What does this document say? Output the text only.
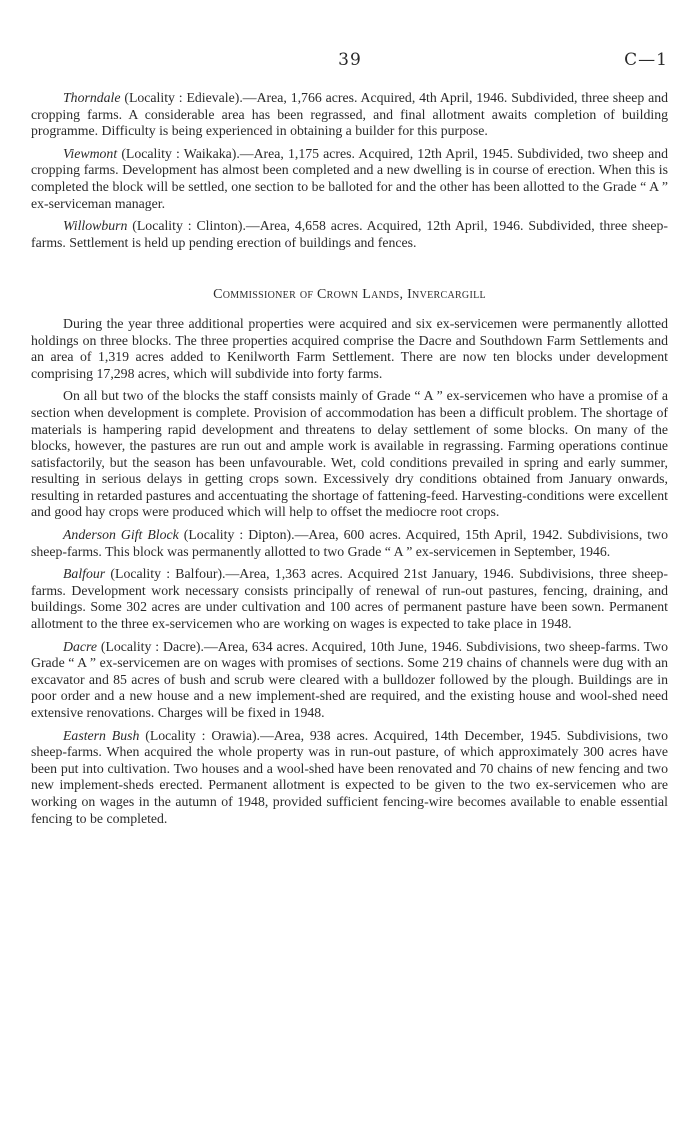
39	C—1

Thorndale (Locality : Edievale).—Area, 1,766 acres. Acquired, 4th April, 1946. Subdivided, three sheep and cropping farms. A considerable area has been regrassed, and final allotment awaits completion of building programme. Difficulty is being experienced in obtaining a builder for this purpose.

Viewmont (Locality : Waikaka).—Area, 1,175 acres. Acquired, 12th April, 1945. Subdivided, two sheep and cropping farms. Development has almost been completed and a new dwelling is in course of erection. When this is completed the block will be settled, one section to be balloted for and the other has been allotted to the Grade “ A ” ex-serviceman manager.

Willowburn (Locality : Clinton).—Area, 4,658 acres. Acquired, 12th April, 1946. Subdivided, three sheep-farms. Settlement is held up pending erection of buildings and fences.

Commissioner of Crown Lands, Invercargill

During the year three additional properties were acquired and six ex-servicemen were permanently allotted holdings on three blocks. The three properties acquired comprise the Dacre and Southdown Farm Settlements and an area of 1,319 acres added to Kenilworth Farm Settlement. There are now ten blocks under development comprising 17,298 acres, which will subdivide into forty farms.

On all but two of the blocks the staff consists mainly of Grade “ A ” ex-servicemen who have a promise of a section when development is complete. Provision of accommodation has been a difficult problem. The shortage of materials is hampering rapid development and threatens to delay settlement of some blocks. On many of the blocks, however, the pastures are run out and ample work is available in regrassing. Farming operations continue satisfactorily, but the season has been unfavourable. Wet, cold conditions prevailed in spring and early summer, resulting in serious delays in getting crops sown. Excessively dry conditions obtained from January onwards, resulting in retarded pastures and accentuating the shortage of fattening-feed. Harvesting-conditions were excellent and good hay crops were produced which will help to offset the mediocre root crops.

Anderson Gift Block (Locality : Dipton).—Area, 600 acres. Acquired, 15th April, 1942. Subdivisions, two sheep-farms. This block was permanently allotted to two Grade “ A ” ex-servicemen in September, 1946.

Balfour (Locality : Balfour).—Area, 1,363 acres. Acquired 21st January, 1946. Subdivisions, three sheep-farms. Development work necessary consists principally of renewal of run-out pastures, fencing, draining, and buildings. Some 302 acres are under cultivation and 100 acres of permanent pasture have been sown. Permanent allotment to the three ex-servicemen who are working on wages is expected to take place in 1948.

Dacre (Locality : Dacre).—Area, 634 acres. Acquired, 10th June, 1946. Subdivisions, two sheep-farms. Two Grade “ A ” ex-servicemen are on wages with promises of sections. Some 219 chains of channels were dug with an excavator and 85 acres of bush and scrub were cleared with a bulldozer followed by the plough. Buildings are in poor order and a new house and a new implement-shed are required, and the existing house and wool-shed need extensive renovations. Charges will be fixed in 1948.

Eastern Bush (Locality : Orawia).—Area, 938 acres. Acquired, 14th December, 1945. Subdivisions, two sheep-farms. When acquired the whole property was in run-out pasture, of which approximately 300 acres have been put into cultivation. Two houses and a wool-shed have been renovated and 70 chains of new fencing and two new implement-sheds erected. Permanent allotment is expected to be given to the two ex-servicemen who are working on wages in the autumn of 1948, provided sufficient fencing-wire becomes available to enable essential fencing to be completed.
